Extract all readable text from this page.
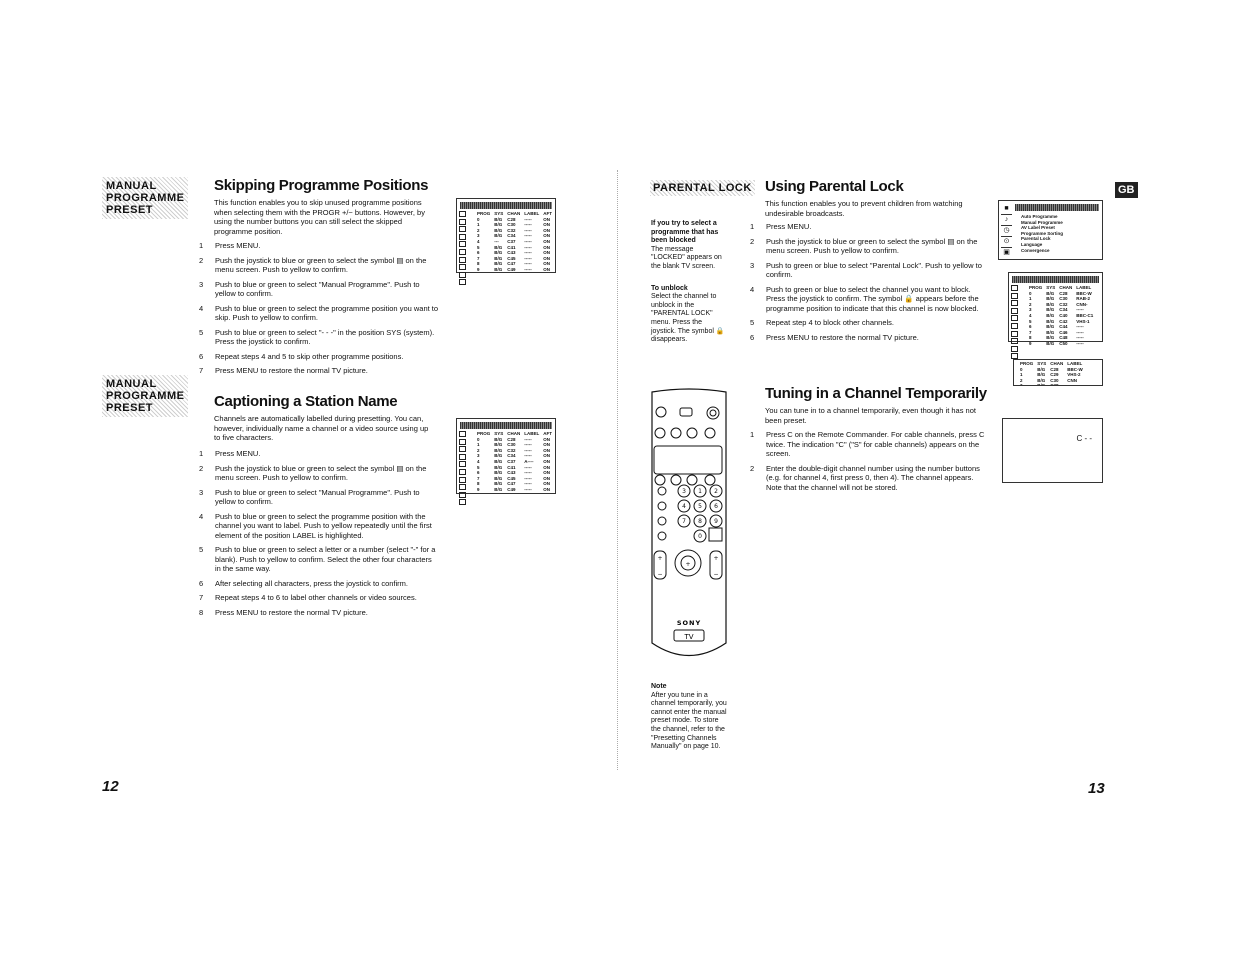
MANUAL
PROGRAMME
PRESET
Skipping Programme Positions
This function enables you to skip unused programme positions when selecting them with the PROGR +/− buttons. However, by using the number buttons you can still select the skipped programme position.
1 Press MENU.
2 Push the joystick to blue or green to select the symbol ▤ on the menu screen. Push to yellow to confirm.
3 Push to blue or green to select "Manual Programme". Push to yellow to confirm.
4 Push to blue or green to select the programme position you want to skip. Push to yellow to confirm.
5 Push to blue or green to select "- - -" in the position SYS (system). Press the joystick to confirm.
6 Repeat steps 4 and 5 to skip other programme positions.
7 Press MENU to restore the normal TV picture.
PROG	SYS	CHAN	LABEL	AFT
0	B/G	C28	-----	ON
1	B/G	C30	-----	ON
2	B/G	C32	-----	ON
3	B/G	C34	-----	ON
4	---	C37	-----	ON
5	B/G	C41	-----	ON
6	B/G	C43	-----	ON
7	B/G	C45	-----	ON
8	B/G	C47	-----	ON
9	B/G	C49	-----	ON
MANUAL
PROGRAMME
PRESET	Captioning a Station Name
Channels are automatically labelled during presetting. You can, however, individually name a channel or a video source using up to five characters.
1 Press MENU.
2 Push the joystick to blue or green to select the symbol ▤ on the menu screen. Push to yellow to confirm.
3 Push to blue or green to select "Manual Programme". Push to yellow to confirm.
4 Push to blue or green to select the programme position with the channel you want to label. Push to yellow repeatedly until the first element of the position LABEL is highlighted.
5 Push to blue or green to select a letter or a number (select "-" for a blank). Push to yellow to confirm. Select the other four characters in the same way.
6 After selecting all characters, press the joystick to confirm.
7 Repeat steps 4 to 6 to label other channels or video sources.
8 Press MENU to restore the normal TV picture.
PROG	SYS	CHAN	LABEL	AFT
0	B/G	C28	-----	ON
1	B/G	C30	-----	ON
2	B/G	C32	-----	ON
3	B/G	C34	-----	ON
4	B/G	C37	A----	ON
5	B/G	C41	-----	ON
6	B/G	C43	-----	ON
7	B/G	C45	-----	ON
8	B/G	C47	-----	ON
9	B/G	C49	-----	ON
12
PARENTAL LOCK
If you try to select a programme that has been blocked
The message "LOCKED" appears on the blank TV screen.
To unblock
Select the channel to unblock in the "PARENTAL LOCK" menu. Press the joystick. The symbol 🔒 disappears.
Using Parental Lock
This function enables you to prevent children from watching undesirable broadcasts.
1 Press MENU.
2 Push the joystick to blue or green to select the symbol ▤ on the menu screen. Push to yellow to confirm.
3 Push to green or blue to select "Parental Lock". Push to yellow to confirm.
4 Push to green or blue to select the channel you want to block. Press the joystick to confirm. The symbol 🔒 appears before the programme position to indicate that this channel is now blocked.
5 Repeat step 4 to block other channels.
6 Press MENU to restore the normal TV picture.
Tuning in a Channel Temporarily
You can tune in to a channel temporarily, even though it has not been preset.
1 Press C on the Remote Commander. For cable channels, press C twice. The indication "C" ("S" for cable channels) appears on the screen.
2 Enter the double-digit channel number using the number buttons (e.g. for channel 4, first press 0, then 4). The channel appears. Note that the channel will not be stored.
GB
■
♪
◷
⊙
▣
Auto Programme
Manual Programme
AV Label Preset
Programme Sorting
Parental Lock
Language
Convergence
PROG	SYS	CHAN	LABEL
0	B/G	C28	BBC-W
1	B/G	C30	RAB-2
2	B/G	C32	CNN-
3	B/G	C34	-----
4	B/G	C40	BBC-C1
5	B/G	C42	VHS-1
6	B/G	C44	-----
7	B/G	C46	-----
8	B/G	C48	-----
9	B/G	C50	-----
PROG	SYS	CHAN	LABEL
0	B/G	C28	BBC-W
1	B/G	C29	VHS-2
2	B/G	C30	CNN
3	B/G	C38	-----
C - -
1 2
3
5 6
4
8 9
7
0
+	+
−	−
+
SONY
TV
Note
After you tune in a channel temporarily, you cannot enter the manual preset mode. To store the channel, refer to the "Presetting Channels Manually" on page 10.
13
